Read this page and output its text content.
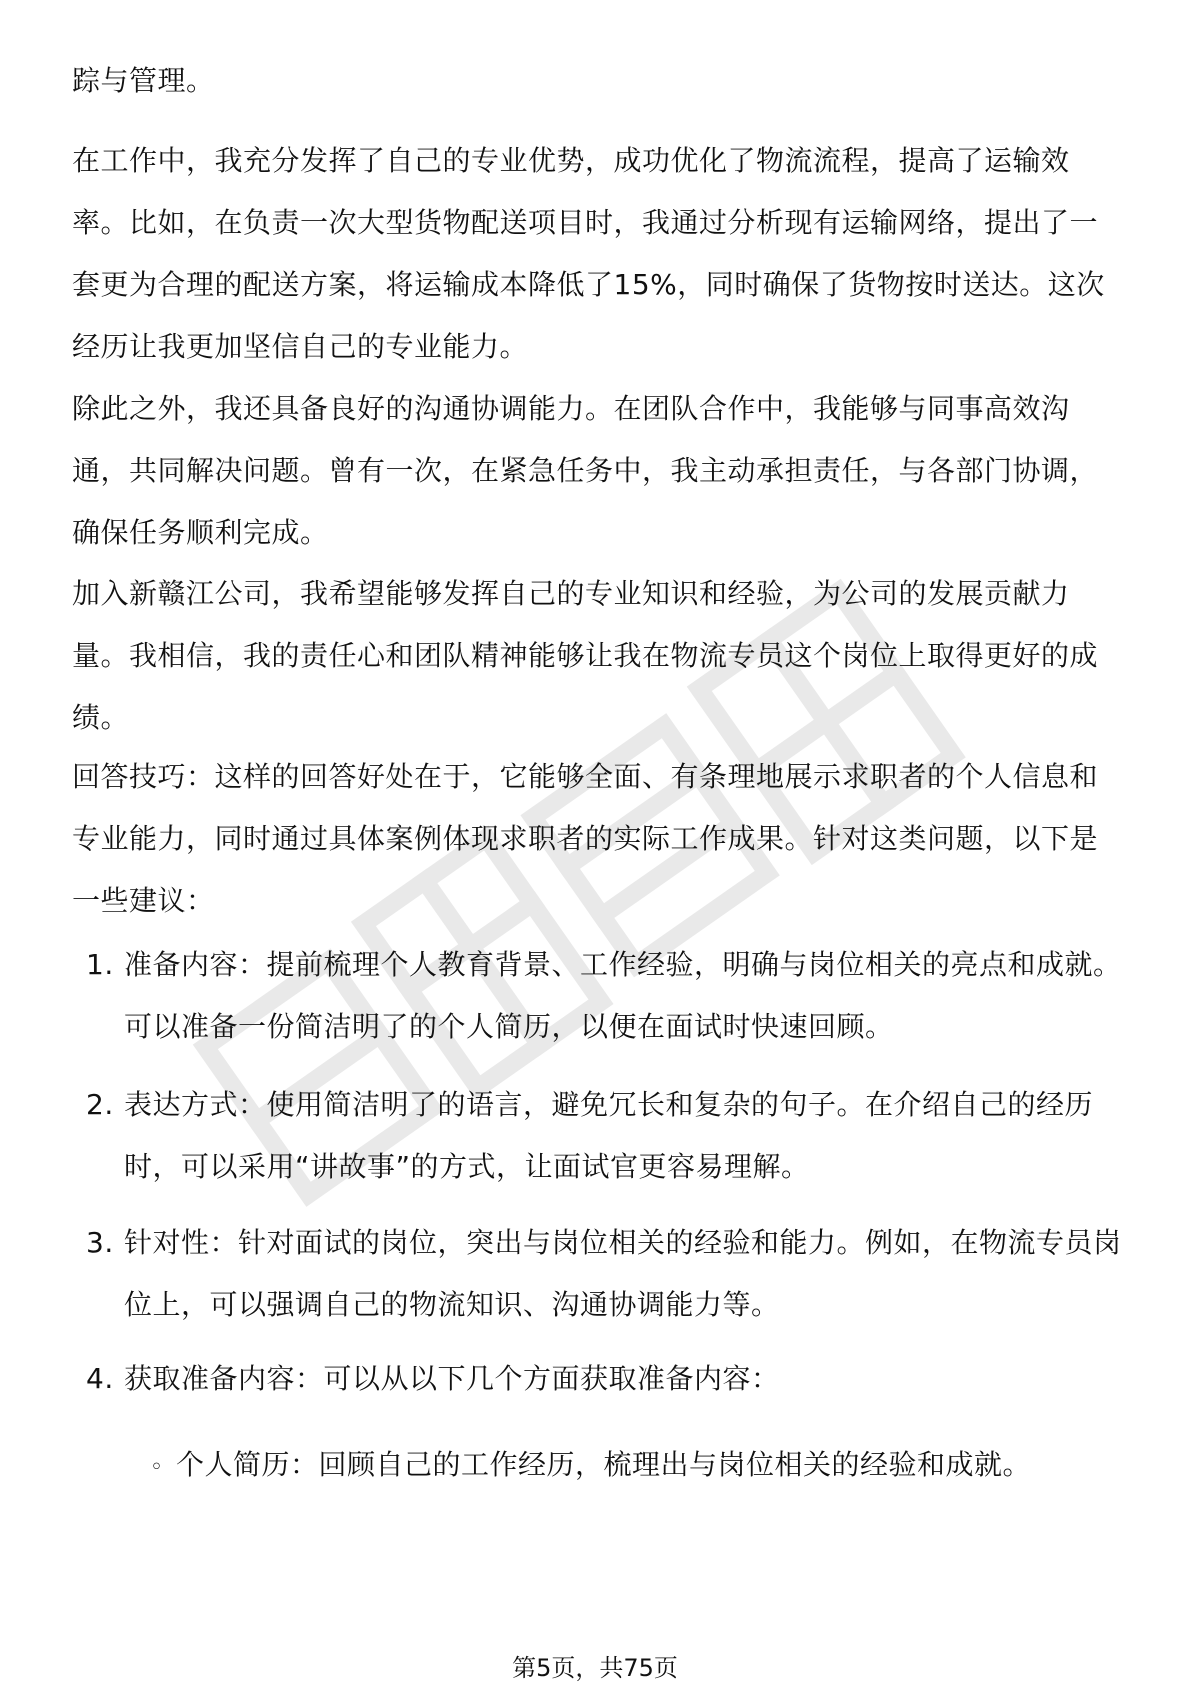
踪与管理。

在工作中，我充分发挥了自己的专业优势，成功优化了物流流程，提高了运输效率。比如，在负责一次大型货物配送项目时，我通过分析现有运输网络，提出了一套更为合理的配送方案，将运输成本降低了15%，同时确保了货物按时送达。这次经历让我更加坚信自己的专业能力。

除此之外，我还具备良好的沟通协调能力。在团队合作中，我能够与同事高效沟通，共同解决问题。曾有一次，在紧急任务中，我主动承担责任，与各部门协调，确保任务顺利完成。

加入新赣江公司，我希望能够发挥自己的专业知识和经验，为公司的发展贡献力量。我相信，我的责任心和团队精神能够让我在物流专员这个岗位上取得更好的成绩。

回答技巧：这样的回答好处在于，它能够全面、有条理地展示求职者的个人信息和专业能力，同时通过具体案例体现求职者的实际工作成果。针对这类问题，以下是一些建议：

1. 准备内容：提前梳理个人教育背景、工作经验，明确与岗位相关的亮点和成就。可以准备一份简洁明了的个人简历，以便在面试时快速回顾。
2. 表达方式：使用简洁明了的语言，避免冗长和复杂的句子。在介绍自己的经历时，可以采用“讲故事”的方式，让面试官更容易理解。
3. 针对性：针对面试的岗位，突出与岗位相关的经验和能力。例如，在物流专员岗位上，可以强调自己的物流知识、沟通协调能力等。
4. 获取准备内容：可以从以下几个方面获取准备内容：
◦ 个人简历：回顾自己的工作经历，梳理出与岗位相关的经验和成就。
第5页，共75页
